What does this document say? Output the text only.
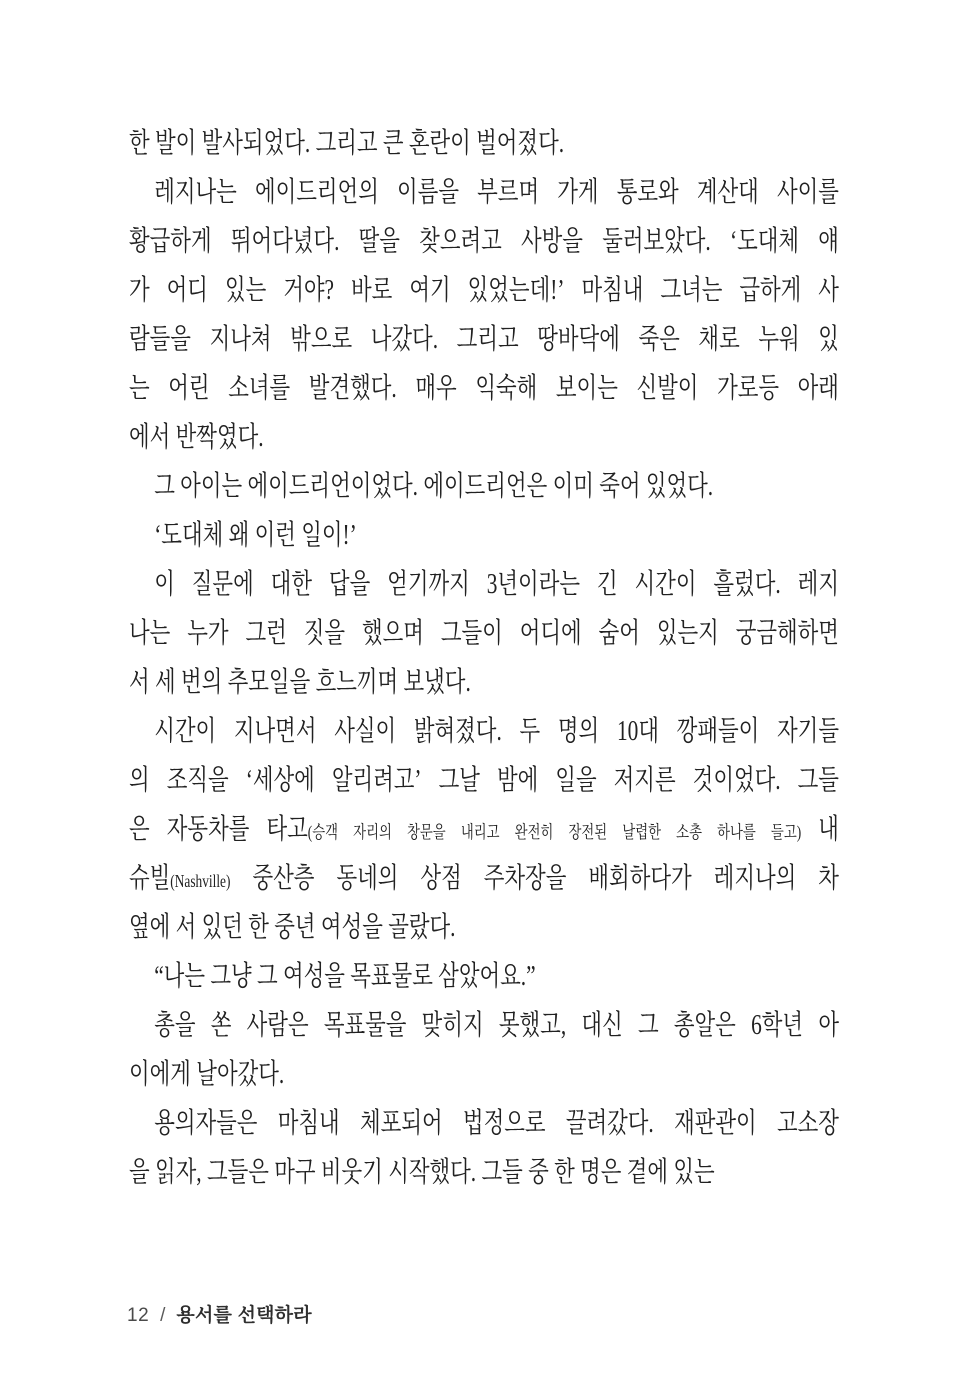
한 발이 발사되었다. 그리고 큰 혼란이 벌어졌다.
레지나는 에이드리언의 이름을 부르며 가게 통로와 계산대 사이를
황급하게 뛰어다녔다. 딸을 찾으려고 사방을 둘러보았다. ‘도대체 얘
가 어디 있는 거야? 바로 여기 있었는데!’ 마침내 그녀는 급하게 사
람들을 지나쳐 밖으로 나갔다. 그리고 땅바닥에 죽은 채로 누워 있
는 어린 소녀를 발견했다. 매우 익숙해 보이는 신발이 가로등 아래
에서 반짝였다.
그 아이는 에이드리언이었다. 에이드리언은 이미 죽어 있었다.
‘도대체 왜 이런 일이!’
이 질문에 대한 답을 얻기까지 3년이라는 긴 시간이 흘렀다. 레지
나는 누가 그런 짓을 했으며 그들이 어디에 숨어 있는지 궁금해하면
서 세 번의 추모일을 흐느끼며 보냈다.
시간이 지나면서 사실이 밝혀졌다. 두 명의 10대 깡패들이 자기들
의 조직을 ‘세상에 알리려고’ 그날 밤에 일을 저지른 것이었다. 그들
은 자동차를 타고(승객 자리의 창문을 내리고 완전히 장전된 날렵한 소총 하나를 들고) 내
슈빌(Nashville) 중산층 동네의 상점 주차장을 배회하다가 레지나의 차
옆에 서 있던 한 중년 여성을 골랐다.
“나는 그냥 그 여성을 목표물로 삼았어요.”
총을 쏜 사람은 목표물을 맞히지 못했고, 대신 그 총알은 6학년 아
이에게 날아갔다.
용의자들은 마침내 체포되어 법정으로 끌려갔다. 재판관이 고소장
을 읽자, 그들은 마구 비웃기 시작했다. 그들 중 한 명은 곁에 있는
12 / 용서를 선택하라
